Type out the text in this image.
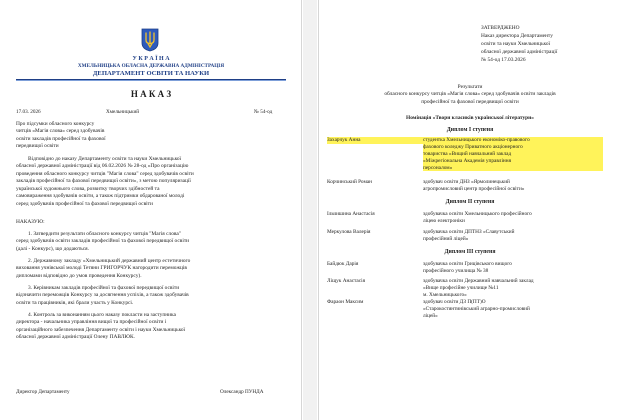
У К Р А Ї Н А
ХМЕЛЬНИЦЬКА ОБЛАСНА ДЕРЖАВНА АДМІНІСТРАЦІЯ
ДЕПАРТАМЕНТ ОСВІТИ ТА НАУКИ
Н А К А З
17.03. 2026	Хмельницький	№ 54-од
Про підсумки обласного конкурсу
читців «Магія слова» серед здобувачів
освіти закладів професійної та фахової
передвищої освіти
Відповідно до наказу Департаменту освіти та науки Хмельницької
обласної державної адміністрації від 06.02.2026 № 28-од «Про організацію
проведення обласного конкурсу читців "Магія слова" серед здобувачів освіти
закладів професійної та фахової передвищої освіти», з метою популяризації
української художнього слова, розвитку творчих здібностей та
самовираження здобувачів освіти, а також підтримки обдарованої молоді
серед здобувачів професійної та фахової передвищої освіти
НАКАЗУЮ:
1. Затвердити результати обласного конкурсу читців "Магія слова"
серед здобувачів освіти закладів професійної та фахової передвищої освіти
(далі - Конкурс), що додаються.
2. Державному закладу «Хмельницький державний центр естетичного
виховання учнівської молоді Тетяни ГРИГОРЧУК нагородити переможців
дипломами відповідно до умов проведення Конкурсу).
3. Керівникам закладів професійної та фахової передвищої освіти
відзначити переможців Конкурсу за досягнення успіхів, а також здобувачів
освіти та працівників, які брали участь у Конкурсі.
4. Контроль за виконанням цього наказу покласти на заступника
директора - начальника управління вищої та професійної освіти і
організаційного забезпечення Департаменту освіти і науки Хмельницької
обласної державної адміністрації Олену ПАВЛЮК.
Директор Департаменту	Олександр ПУНДА
ЗАТВЕРДЖЕНО
Наказ директора Департаменту
освіти та науки Хмельницької
обласної державної адміністрації
№ 54-од 17.03.2026
Результати
обласного конкурсу читців «Магія слова» серед здобувачів освіти закладів
професійної та фахової передвищої освіти
Номінація «Твори класиків української літератури»
Диплом І ступеня
Захарчук Анна	студентка Хмельницького економіко-правового
фахового коледжу Приватного акціонерного
товариства «Вищий навчальний заклад
«Міжрегіональна Академія управління
персоналом»
Корчинський Роман	здобувач освіти ДНЗ «Ярмолинецький
агропромисловий центр професійної освіти»
Диплом ІІ ступеня
Ільчишина Анастасія	здобувачка освіти Хмельницького професійного
ліцею електроніки
Меркулова Валерія	здобувачка освіти ДПТНЗ «Славутський
професійний ліцей»
Диплом ІІІ ступеня
Байдюк Дарія	здобувачка освіти Грицівського вищого
професійного училища № 38
Ліщук Анастасія	здобувачка освіти Державний навчальний заклад
«Вище професійне училище №11
м. Хмельницького»
Фараон Максим	здобувач освіти ДЗ П(ПТ)О
«Старокостянтинівський аграрно-промисловий
ліцей»
